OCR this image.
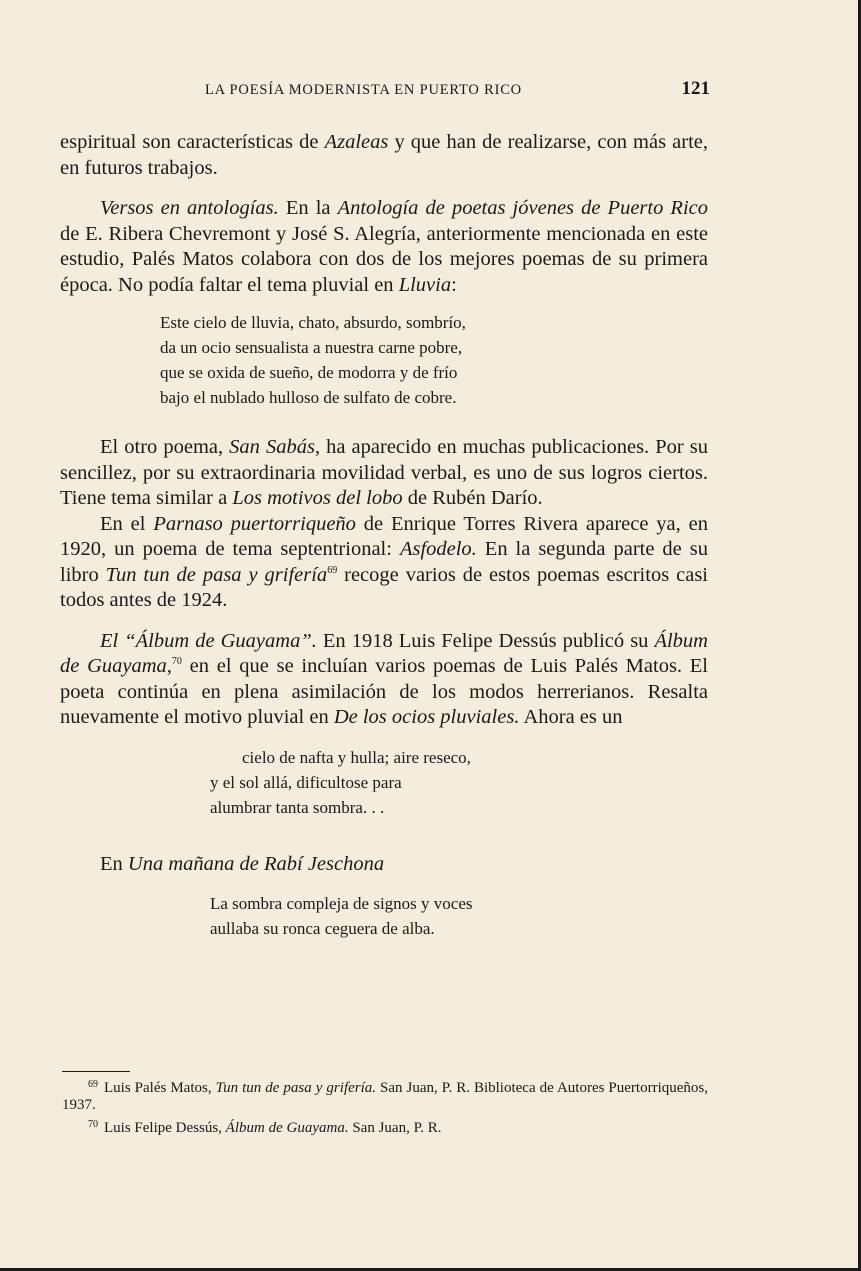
LA POESÍA MODERNISTA EN PUERTO RICO	121

espiritual son características de Azaleas y que han de realizarse, con más arte, en futuros trabajos.

Versos en antologías. En la Antología de poetas jóvenes de Puerto Rico de E. Ribera Chevremont y José S. Alegría, anteriormente mencionada en este estudio, Palés Matos colabora con dos de los mejores poemas de su primera época. No podía faltar el tema pluvial en Lluvia:

Este cielo de lluvia, chato, absurdo, sombrío,
da un ocio sensualista a nuestra carne pobre,
que se oxida de sueño, de modorra y de frío
bajo el nublado hulloso de sulfato de cobre.

El otro poema, San Sabás, ha aparecido en muchas publicaciones. Por su sencillez, por su extraordinaria movilidad verbal, es uno de sus logros ciertos. Tiene tema similar a Los motivos del lobo de Rubén Darío.

En el Parnaso puertorriqueño de Enrique Torres Rivera aparece ya, en 1920, un poema de tema septentrional: Asfodelo. En la segunda parte de su libro Tun tun de pasa y grifería$^{69}$ recoge varios de estos poemas escritos casi todos antes de 1924.

El “Álbum de Guayama”. En 1918 Luis Felipe Dessús publicó su Álbum de Guayama,$^{70}$ en el que se incluían varios poemas de Luis Palés Matos. El poeta continúa en plena asimilación de los modos herrerianos. Resalta nuevamente el motivo pluvial en De los ocios pluviales. Ahora es un

cielo de nafta y hulla; aire reseco,
y el sol allá, dificultose para
alumbrar tanta sombra. . .

En Una mañana de Rabí Jeschona

La sombra compleja de signos y voces
aullaba su ronca ceguera de alba.

$^{69}$ Luis Palés Matos, Tun tun de pasa y grifería. San Juan, P. R. Biblioteca de Autores Puertorriqueños, 1937.

$^{70}$ Luis Felipe Dessús, Álbum de Guayama. San Juan, P. R.
